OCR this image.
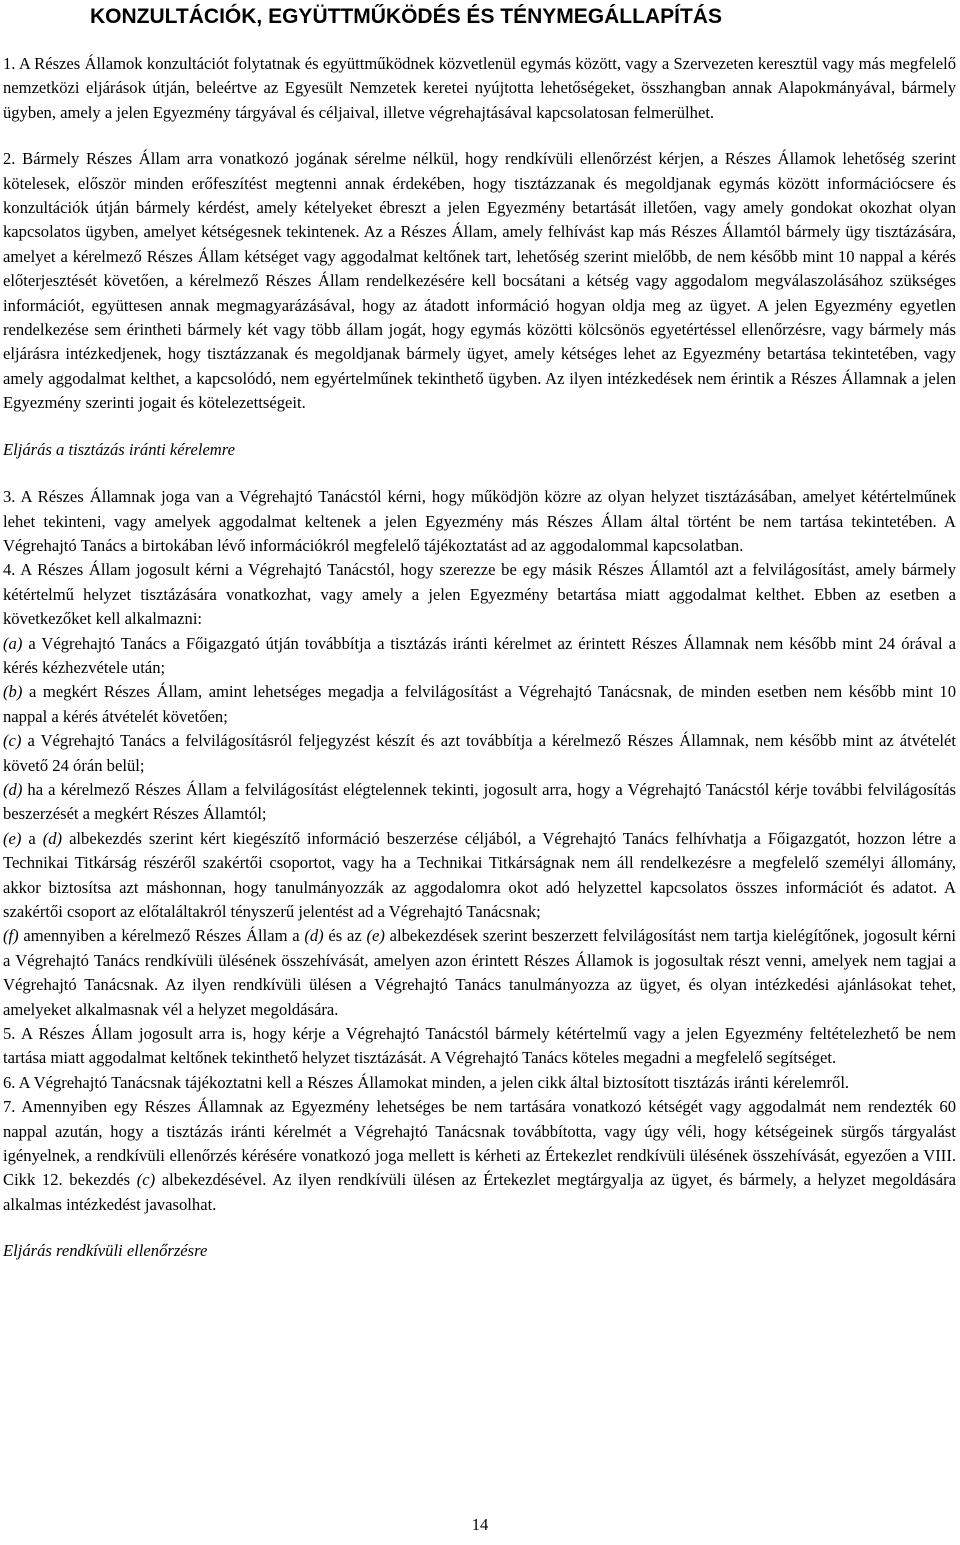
KONZULTÁCIÓK, EGYÜTTMŰKÖDÉS ÉS TÉNYMEGÁLLAPÍTÁS

1. A Részes Államok konzultációt folytatnak és együttműködnek közvetlenül egymás között, vagy a Szervezeten keresztül vagy más megfelelő nemzetközi eljárások útján, beleértve az Egyesült Nemzetek keretei nyújtotta lehetőségeket, összhangban annak Alapokmányával, bármely ügyben, amely a jelen Egyezmény tárgyával és céljaival, illetve végrehajtásával kapcsolatosan felmerülhet.

2. Bármely Részes Állam arra vonatkozó jogának sérelme nélkül, hogy rendkívüli ellenőrzést kérjen, a Részes Államok lehetőség szerint kötelesek, először minden erőfeszítést megtenni annak érdekében, hogy tisztázzanak és megoldjanak egymás között információcsere és konzultációk útján bármely kérdést, amely kételyeket ébreszt a jelen Egyezmény betartását illetően, vagy amely gondokat okozhat olyan kapcsolatos ügyben, amelyet kétségesnek tekintenek. Az a Részes Állam, amely felhívást kap más Részes Államtól bármely ügy tisztázására, amelyet a kérelmező Részes Állam kétséget vagy aggodalmat keltőnek tart, lehetőség szerint mielőbb, de nem később mint 10 nappal a kérés előterjesztését követően, a kérelmező Részes Állam rendelkezésére kell bocsátani a kétség vagy aggodalom megválaszolásához szükséges információt, együttesen annak megmagyarázásával, hogy az átadott információ hogyan oldja meg az ügyet. A jelen Egyezmény egyetlen rendelkezése sem érintheti bármely két vagy több állam jogát, hogy egymás közötti kölcsönös egyetértéssel ellenőrzésre, vagy bármely más eljárásra intézkedjenek, hogy tisztázzanak és megoldjanak bármely ügyet, amely kétséges lehet az Egyezmény betartása tekintetében, vagy amely aggodalmat kelthet, a kapcsolódó, nem egyértelműnek tekinthető ügyben. Az ilyen intézkedések nem érintik a Részes Államnak a jelen Egyezmény szerinti jogait és kötelezettségeit.

Eljárás a tisztázás iránti kérelemre

3. A Részes Államnak joga van a Végrehajtó Tanácstól kérni, hogy működjön közre az olyan helyzet tisztázásában, amelyet kétértelműnek lehet tekinteni, vagy amelyek aggodalmat keltenek a jelen Egyezmény más Részes Állam által történt be nem tartása tekintetében. A Végrehajtó Tanács a birtokában lévő információkról megfelelő tájékoztatást ad az aggodalommal kapcsolatban.

4. A Részes Állam jogosult kérni a Végrehajtó Tanácstól, hogy szerezze be egy másik Részes Államtól azt a felvilágosítást, amely bármely kétértelmű helyzet tisztázására vonatkozhat, vagy amely a jelen Egyezmény betartása miatt aggodalmat kelthet. Ebben az esetben a következőket kell alkalmazni:

(a) a Végrehajtó Tanács a Főigazgató útján továbbítja a tisztázás iránti kérelmet az érintett Részes Államnak nem később mint 24 órával a kérés kézhezvétele után;

(b) a megkért Részes Állam, amint lehetséges megadja a felvilágosítást a Végrehajtó Tanácsnak, de minden esetben nem később mint 10 nappal a kérés átvételét követően;

(c) a Végrehajtó Tanács a felvilágosításról feljegyzést készít és azt továbbítja a kérelmező Részes Államnak, nem később mint az átvételét követő 24 órán belül;

(d) ha a kérelmező Részes Állam a felvilágosítást elégtelennek tekinti, jogosult arra, hogy a Végrehajtó Tanácstól kérje további felvilágosítás beszerzését a megkért Részes Államtól;

(e) a (d) albekezdés szerint kért kiegészítő információ beszerzése céljából, a Végrehajtó Tanács felhívhatja a Főigazgatót, hozzon létre a Technikai Titkárság részéről szakértői csoportot, vagy ha a Technikai Titkárságnak nem áll rendelkezésre a megfelelő személyi állomány, akkor biztosítsa azt máshonnan, hogy tanulmányozzák az aggodalomra okot adó helyzettel kapcsolatos összes információt és adatot. A szakértői csoport az előtaláltakról tényszerű jelentést ad a Végrehajtó Tanácsnak;

(f) amennyiben a kérelmező Részes Állam a (d) és az (e) albekezdések szerint beszerzett felvilágosítást nem tartja kielégítőnek, jogosult kérni a Végrehajtó Tanács rendkívüli ülésének összehívását, amelyen azon érintett Részes Államok is jogosultak részt venni, amelyek nem tagjai a Végrehajtó Tanácsnak. Az ilyen rendkívüli ülésen a Végrehajtó Tanács tanulmányozza az ügyet, és olyan intézkedési ajánlásokat tehet, amelyeket alkalmasnak vél a helyzet megoldására.

5. A Részes Állam jogosult arra is, hogy kérje a Végrehajtó Tanácstól bármely kétértelmű vagy a jelen Egyezmény feltételezhető be nem tartása miatt aggodalmat keltőnek tekinthető helyzet tisztázását. A Végrehajtó Tanács köteles megadni a megfelelő segítséget.

6. A Végrehajtó Tanácsnak tájékoztatni kell a Részes Államokat minden, a jelen cikk által biztosított tisztázás iránti kérelemről.

7. Amennyiben egy Részes Államnak az Egyezmény lehetséges be nem tartására vonatkozó kétségét vagy aggodalmát nem rendezték 60 nappal azután, hogy a tisztázás iránti kérelmét a Végrehajtó Tanácsnak továbbította, vagy úgy véli, hogy kétségeinek sürgős tárgyalást igényelnek, a rendkívüli ellenőrzés kérésére vonatkozó joga mellett is kérheti az Értekezlet rendkívüli ülésének összehívását, egyezően a VIII. Cikk 12. bekezdés (c) albekezdésével. Az ilyen rendkívüli ülésen az Értekezlet megtárgyalja az ügyet, és bármely, a helyzet megoldására alkalmas intézkedést javasolhat.

Eljárás rendkívüli ellenőrzésre

14
